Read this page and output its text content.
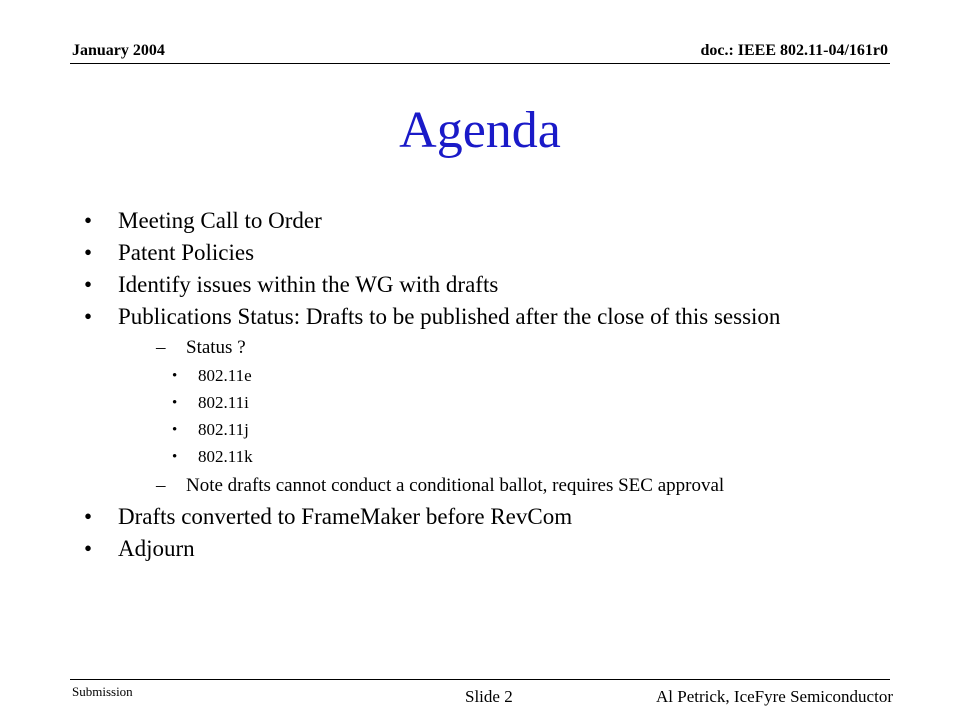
January 2004	doc.: IEEE 802.11-04/161r0
Agenda
• Meeting Call to Order
• Patent Policies
• Identify issues within the WG with drafts
• Publications Status: Drafts to be published after the close of this session
– Status ?
• 802.11e
• 802.11i
• 802.11j
• 802.11k
– Note drafts cannot conduct a conditional ballot, requires SEC approval
• Drafts converted to FrameMaker before RevCom
• Adjourn
Submission	Slide 2	Al Petrick, IceFyre Semiconductor
